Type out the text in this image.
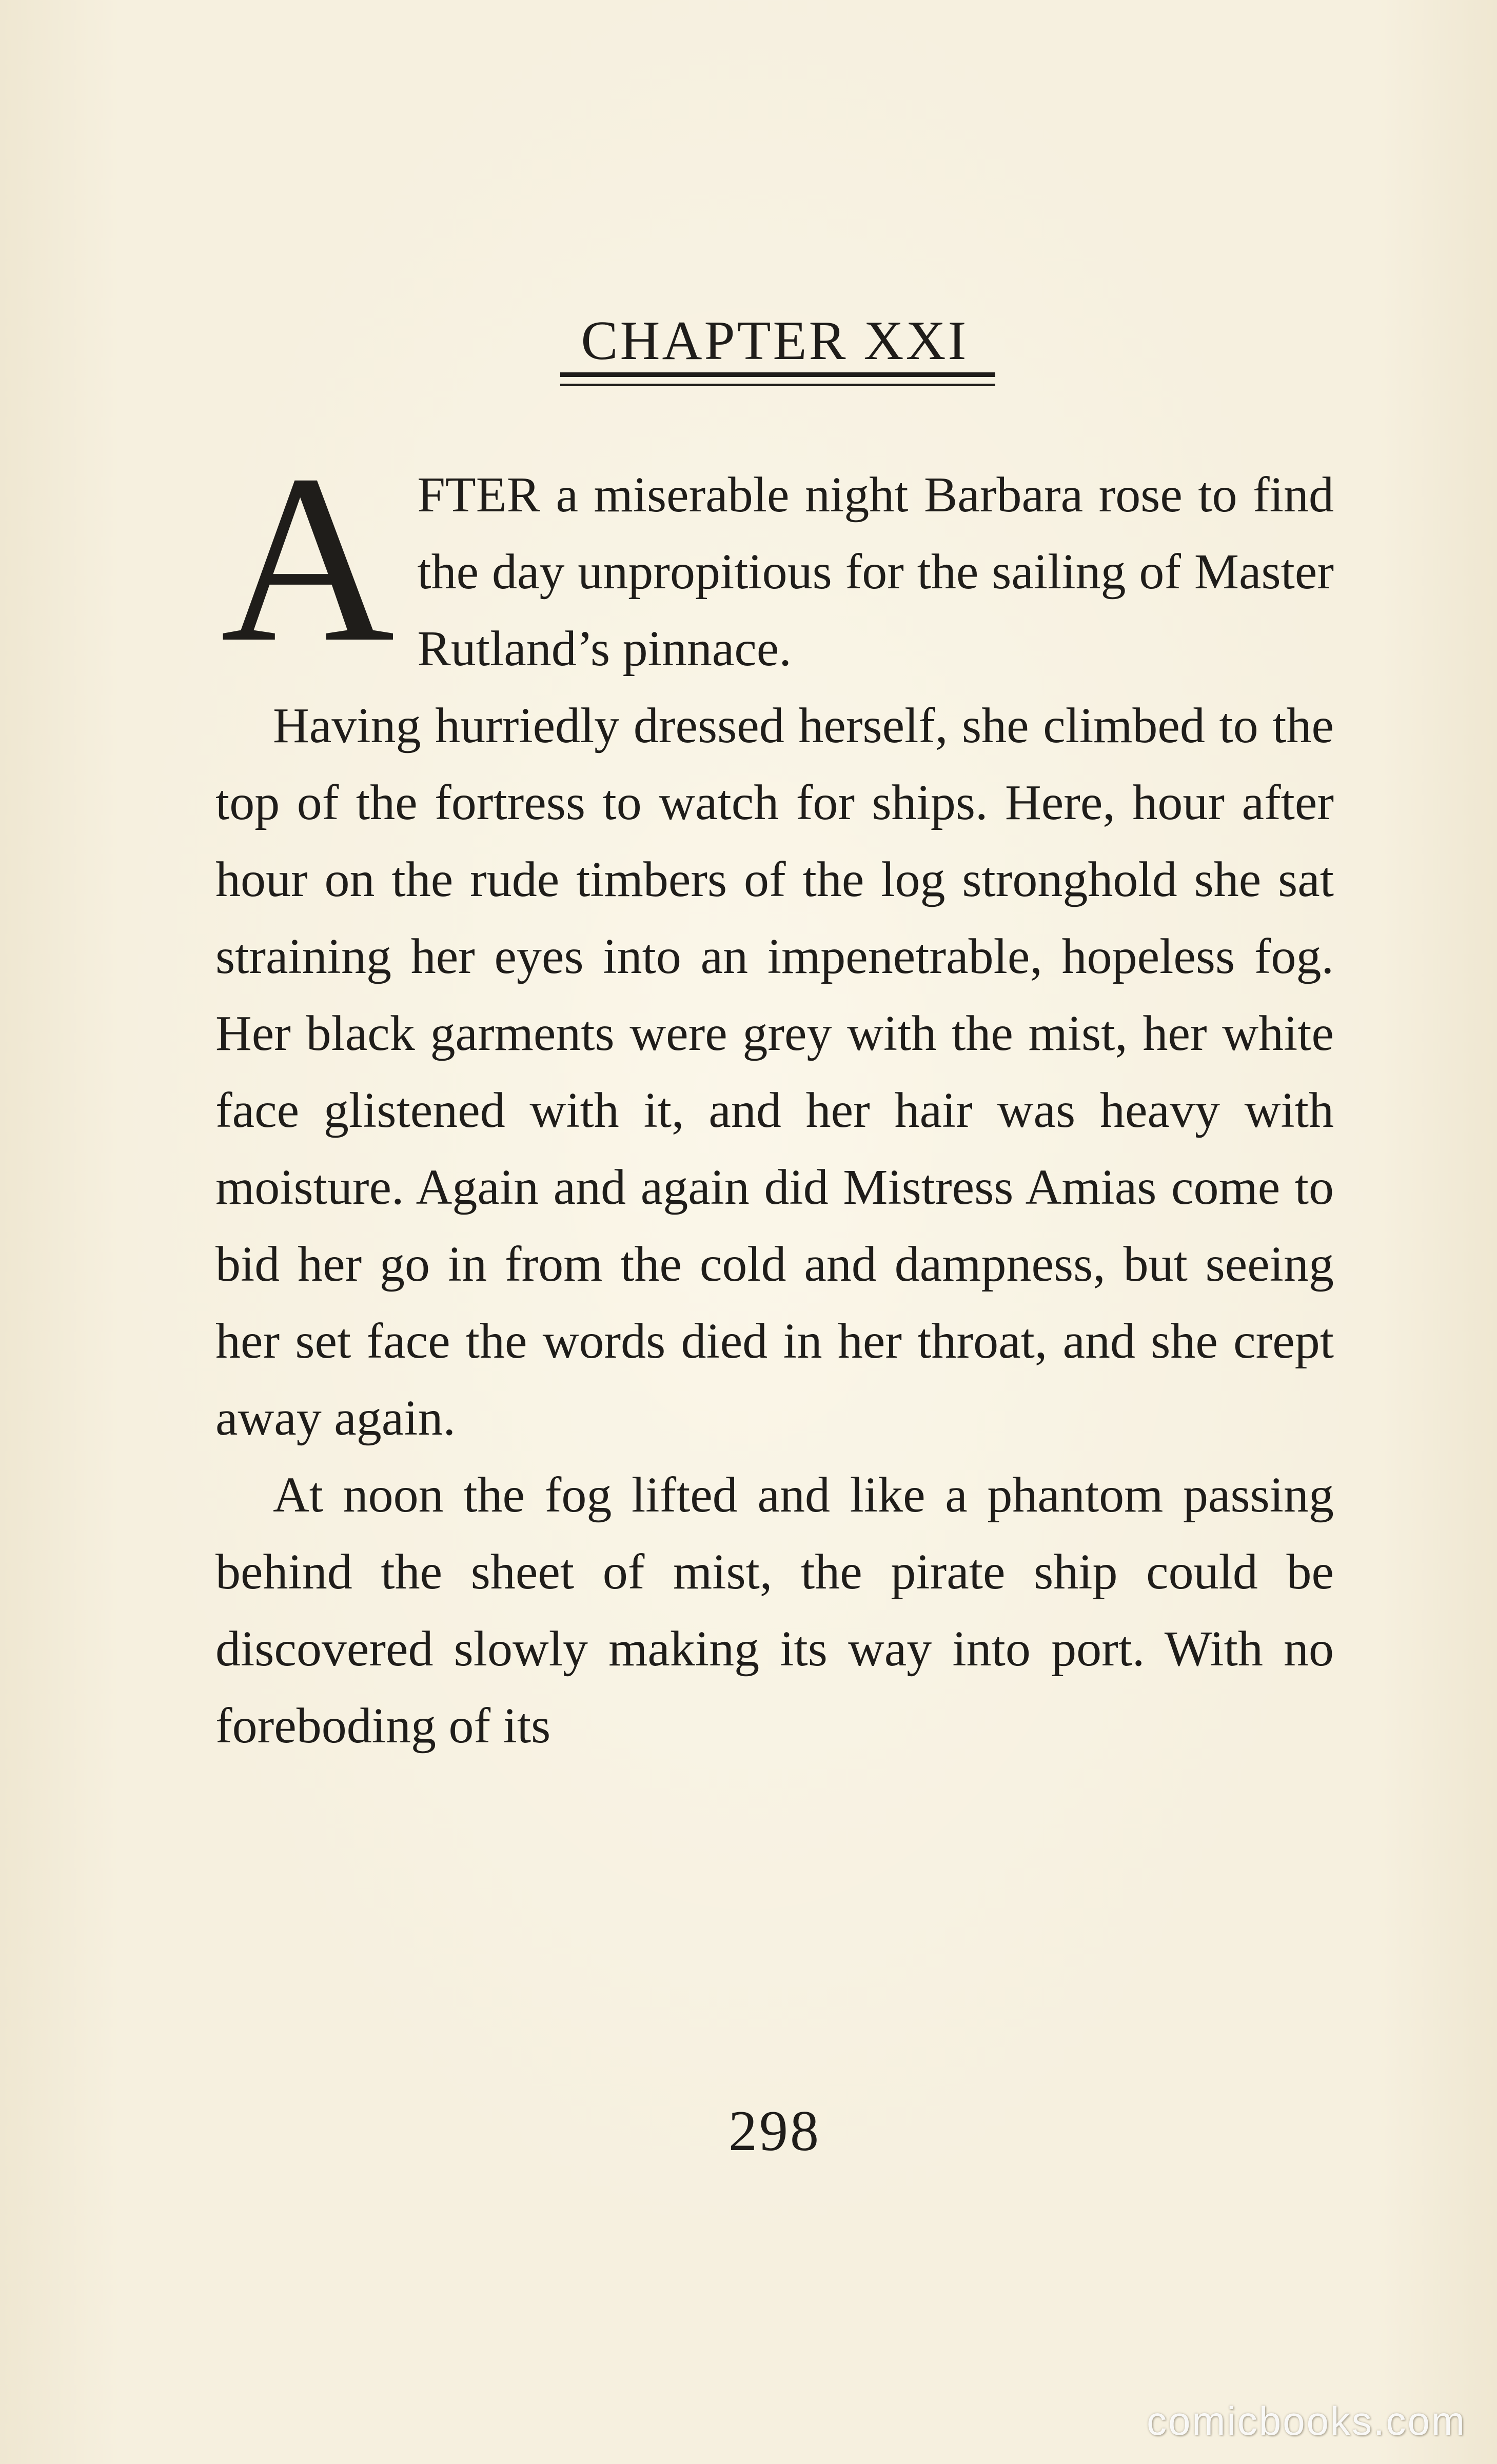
CHAPTER XXI

AFTER a miserable night Barbara rose to find the day unpropitious for the sailing of Master Rutland’s pinnace.

Having hurriedly dressed herself, she climbed to the top of the fortress to watch for ships. Here, hour after hour on the rude timbers of the log stronghold she sat straining her eyes into an impenetrable, hopeless fog. Her black garments were grey with the mist, her white face glistened with it, and her hair was heavy with moisture. Again and again did Mistress Amias come to bid her go in from the cold and dampness, but seeing her set face the words died in her throat, and she crept away again.

At noon the fog lifted and like a phantom passing behind the sheet of mist, the pirate ship could be discovered slowly making its way into port. With no foreboding of its

298
comicbooks.com
